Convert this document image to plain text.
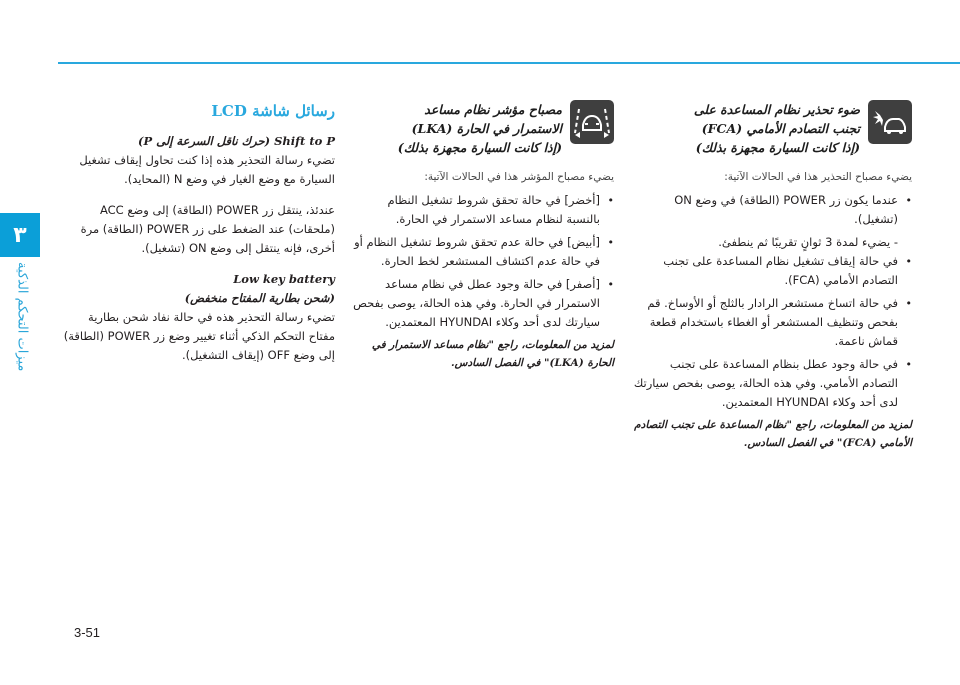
٣
ميزات التحكم الذكية
3-51
ضوء تحذير نظام المساعدة على
تجنب التصادم الأمامي (FCA)
(إذا كانت السيارة مجهزة بذلك)
يضيء مصباح التحذير هذا في الحالات الآتية:
• عندما يكون زر POWER (الطاقة) في وضع ON (تشغيل).
- يضيء لمدة 3 ثوانٍ تقريبًا ثم ينطفئ.
• في حالة إيقاف تشغيل نظام المساعدة على تجنب التصادم الأمامي (FCA).
• في حالة اتساخ مستشعر الرادار بالثلج أو الأوساخ. قم بفحص وتنظيف المستشعر أو الغطاء باستخدام قطعة قماش ناعمة.
• في حالة وجود عطل بنظام المساعدة على تجنب التصادم الأمامي. وفي هذه الحالة، يوصى بفحص سيارتك لدى أحد وكلاء HYUNDAI المعتمدين.
لمزيد من المعلومات، راجع "نظام المساعدة على تجنب التصادم الأمامي (FCA)" في الفصل السادس.
مصباح مؤشر نظام مساعد
الاستمرار في الحارة (LKA)
(إذا كانت السيارة مجهزة بذلك)
يضيء مصباح المؤشر هذا في الحالات الآتية:
• [أخضر] في حالة تحقق شروط تشغيل النظام بالنسبة لنظام مساعد الاستمرار في الحارة.
• [أبيض] في حالة عدم تحقق شروط تشغيل النظام أو في حالة عدم اكتشاف المستشعر لخط الحارة.
• [أصفر] في حالة وجود عطل في نظام مساعد الاستمرار في الحارة. وفي هذه الحالة، يوصى بفحص سيارتك لدى أحد وكلاء HYUNDAI المعتمدين.
لمزيد من المعلومات، راجع "نظام مساعد الاستمرار في الحارة (LKA)" في الفصل السادس.
رسائل شاشة LCD
Shift to P (حرك ناقل السرعة إلى P)
تضيء رسالة التحذير هذه إذا كنت تحاول إيقاف تشغيل السيارة مع وضع الغيار في وضع N (المحايد).
عندئذ، ينتقل زر POWER (الطاقة) إلى وضع ACC (ملحقات) عند الضغط على زر POWER (الطاقة) مرة أخرى، فإنه ينتقل إلى وضع ON (تشغيل).
Low key battery
(شحن بطارية المفتاح منخفض)
تضيء رسالة التحذير هذه في حالة نفاد شحن بطارية مفتاح التحكم الذكي أثناء تغيير وضع زر POWER (الطاقة) إلى وضع OFF (إيقاف التشغيل).
